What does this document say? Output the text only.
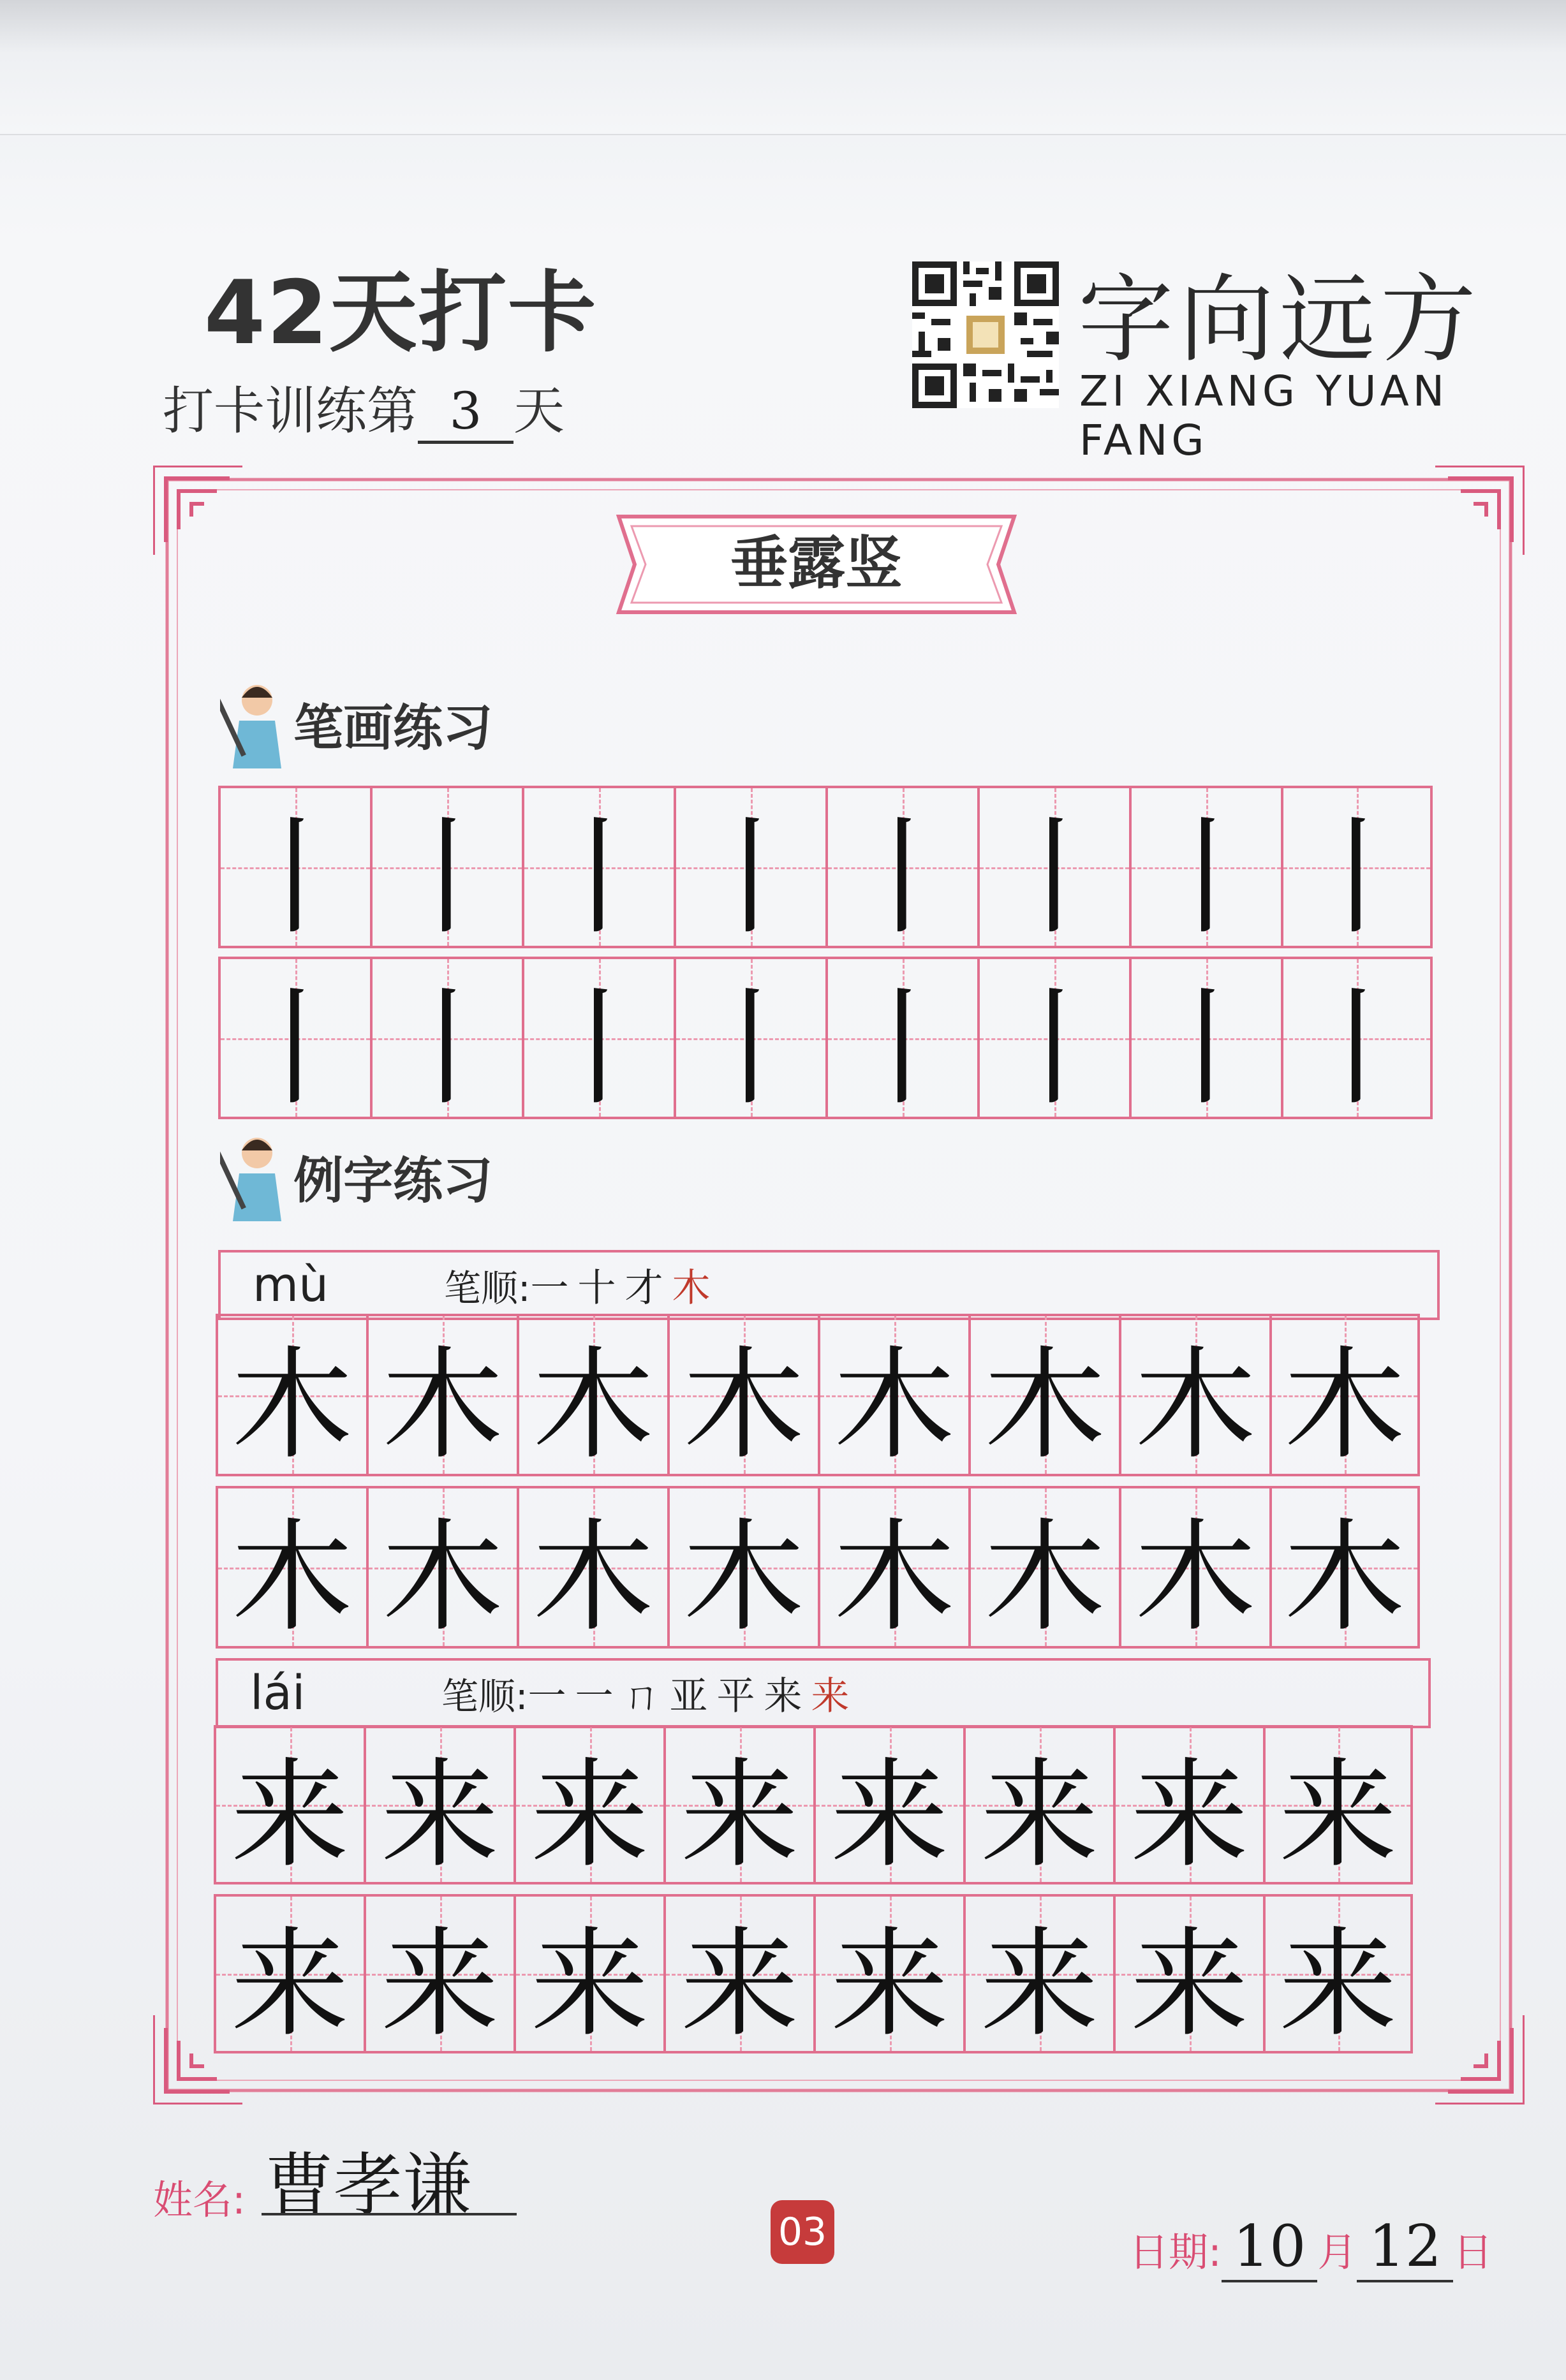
42天打卡
打卡训练第 3 天
字向远方
ZI XIANG YUAN FANG
垂露竖
笔画练习
丨 丨 丨 丨 丨 丨 丨 丨
丨 丨 丨 丨 丨 丨 丨 丨
例字练习
mù	笔顺: 一十才木
木 木 木 木 木 木 木 木
木 木 木 木 木 木 木 木
lái	笔顺: 一一ㄇ亚平来来
来 来 来 来 来 来 来 来
来 来 来 来 来 来 来 来
姓名: 曹孝谦
03	日期: 10 月 12 日
